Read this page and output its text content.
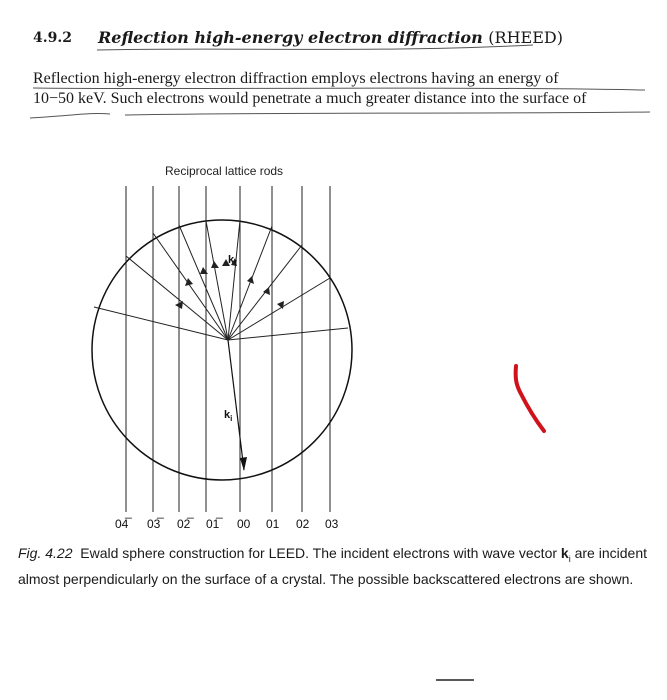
4.9.2 Reflection high-energy electron diffraction (RHEED)
Reflection high-energy electron diffraction employs electrons having an energy of
10−50 keV. Such electrons would penetrate a much greater distance into the surface of
Reciprocal lattice rods
$k_f$
$k_i$
04̅	03̅	02̅	01̅	00 01 02 03
Fig. 4.22 Ewald sphere construction for LEED. The incident electrons with wave vector $k_i$ are incident almost perpendicularly on the surface of a crystal. The possible backscattered electrons are shown.
